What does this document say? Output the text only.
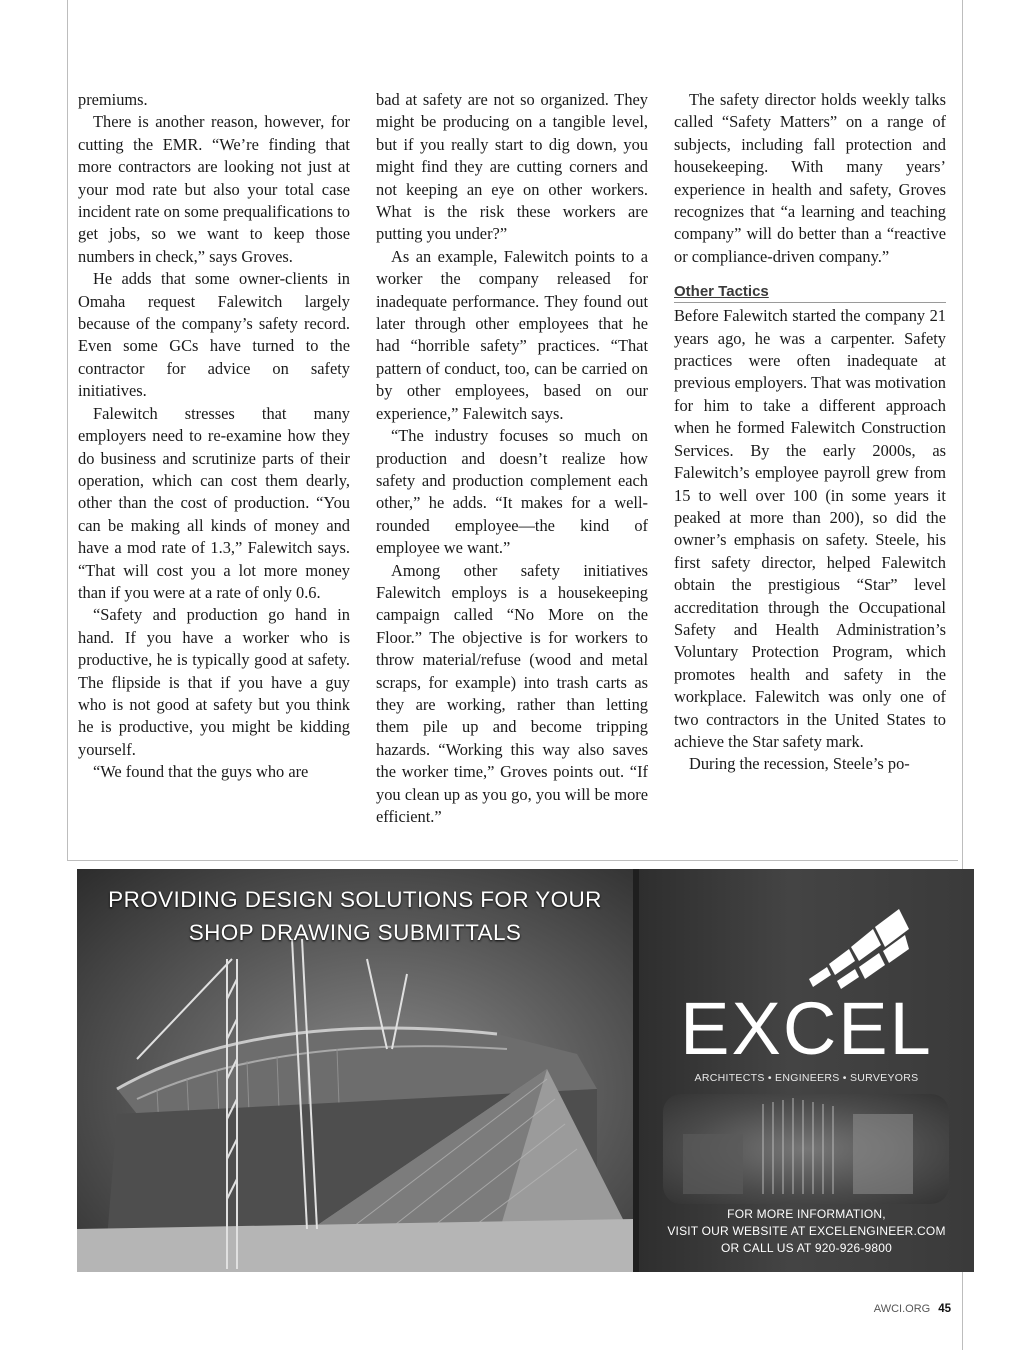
premiums.

There is another reason, however, for cutting the EMR. “We’re finding that more contractors are looking not just at your mod rate but also your total case incident rate on some prequalifications to get jobs, so we want to keep those numbers in check,” says Groves.

He adds that some owner-clients in Omaha request Falewitch largely because of the company’s safety record. Even some GCs have turned to the contractor for advice on safety initiatives.

Falewitch stresses that many employers need to re-examine how they do business and scrutinize parts of their operation, which can cost them dearly, other than the cost of production. “You can be making all kinds of money and have a mod rate of 1.3,” Falewitch says. “That will cost you a lot more money than if you were at a rate of only 0.6.

“Safety and production go hand in hand. If you have a worker who is productive, he is typically good at safety. The flipside is that if you have a guy who is not good at safety but you think he is productive, you might be kidding yourself.

“We found that the guys who are

bad at safety are not so organized. They might be producing on a tangible level, but if you really start to dig down, you might find they are cutting corners and not keeping an eye on other workers. What is the risk these workers are putting you under?”

As an example, Falewitch points to a worker the company released for inadequate performance. They found out later through other employees that he had “horrible safety” practices. “That pattern of conduct, too, can be carried on by other employees, based on our experience,” Falewitch says.

“The industry focuses so much on production and doesn’t realize how safety and production complement each other,” he adds. “It makes for a well-rounded employee—the kind of employee we want.”

Among other safety initiatives Falewitch employs is a housekeeping campaign called “No More on the Floor.” The objective is for workers to throw material/refuse (wood and metal scraps, for example) into trash carts as they are working, rather than letting them pile up and become tripping hazards. “Working this way also saves the worker time,” Groves points out. “If you clean up as you go, you will be more efficient.”

The safety director holds weekly talks called “Safety Matters” on a range of subjects, including fall protection and housekeeping. With many years’ experience in health and safety, Groves recognizes that “a learning and teaching company” will do better than a “reactive or compliance-driven company.”

Other Tactics

Before Falewitch started the company 21 years ago, he was a carpenter. Safety practices were often inadequate at previous employers. That was motivation for him to take a different approach when he formed Falewitch Construction Services. By the early 2000s, as Falewitch’s employee payroll grew from 15 to well over 100 (in some years it peaked at more than 200), so did the owner’s emphasis on safety. Steele, his first safety director, helped Falewitch obtain the prestigious “Star” level accreditation through the Occupational Safety and Health Administration’s Voluntary Protection Program, which promotes health and safety in the workplace. Falewitch was only one of two contractors in the United States to achieve the Star safety mark.

During the recession, Steele’s po-

PROVIDING DESIGN SOLUTIONS FOR YOUR
SHOP DRAWING SUBMITTALS
EXCEL
ARCHITECTS • ENGINEERS • SURVEYORS
FOR MORE INFORMATION,
VISIT OUR WEBSITE AT EXCELENGINEER.COM
OR CALL US AT 920-926-9800
AWCI.ORG 45
